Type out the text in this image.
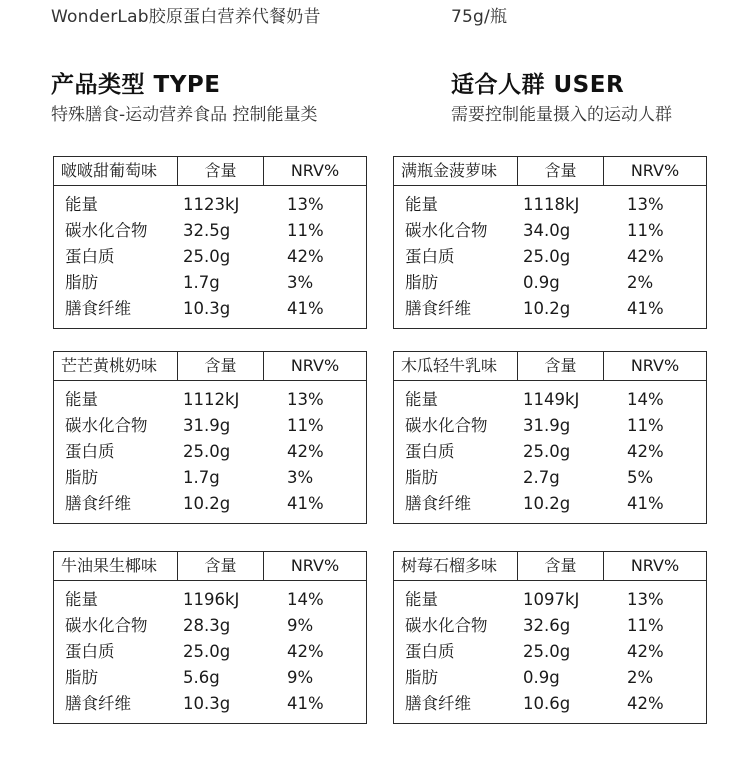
WonderLab胶原蛋白营养代餐奶昔	75g/瓶
产品类型 TYPE
特殊膳食-运动营养食品 控制能量类
适合人群 USER
需要控制能量摄入的运动人群
啵啵甜葡萄味	含量	NRV%
能量	1123kJ	13%
碳水化合物	32.5g	11%
蛋白质	25.0g	42%
脂肪	1.7g	3%
膳食纤维	10.3g	41%
满瓶金菠萝味	含量	NRV%
能量	1118kJ	13%
碳水化合物	34.0g	11%
蛋白质	25.0g	42%
脂肪	0.9g	2%
膳食纤维	10.2g	41%
芒芒黄桃奶味	含量	NRV%
能量	1112kJ	13%
碳水化合物	31.9g	11%
蛋白质	25.0g	42%
脂肪	1.7g	3%
膳食纤维	10.2g	41%
木瓜轻牛乳味	含量	NRV%
能量	1149kJ	14%
碳水化合物	31.9g	11%
蛋白质	25.0g	42%
脂肪	2.7g	5%
膳食纤维	10.2g	41%
牛油果生椰味	含量	NRV%
能量	1196kJ	14%
碳水化合物	28.3g	9%
蛋白质	25.0g	42%
脂肪	5.6g	9%
膳食纤维	10.3g	41%
树莓石榴多味	含量	NRV%
能量	1097kJ	13%
碳水化合物	32.6g	11%
蛋白质	25.0g	42%
脂肪	0.9g	2%
膳食纤维	10.6g	42%
